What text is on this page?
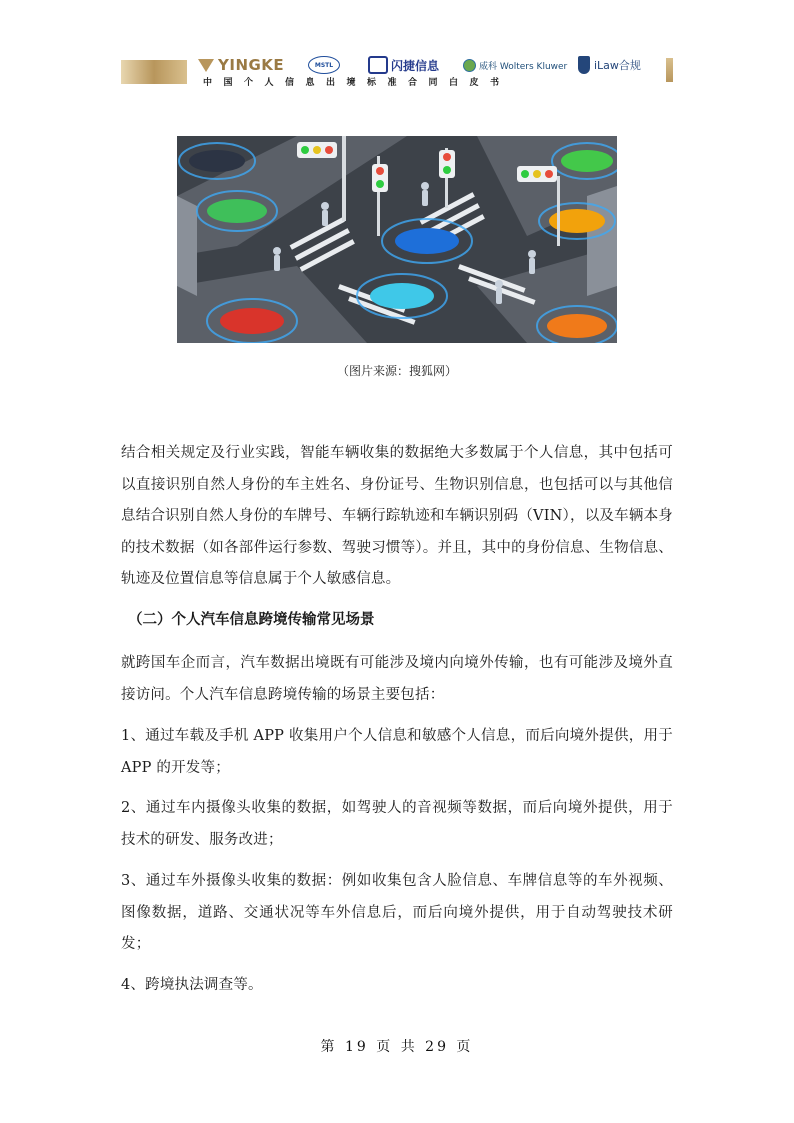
YINGKE	MSTL	闪捷信息	威科 Wolters Kluwer iLaw合规
中国个人信息出境标准合同白皮书
（图片来源：搜狐网）

结合相关规定及行业实践，智能车辆收集的数据绝大多数属于个人信息，其中包括可以直接识别自然人身份的车主姓名、身份证号、生物识别信息，也包括可以与其他信息结合识别自然人身份的车牌号、车辆行踪轨迹和车辆识别码（VIN），以及车辆本身的技术数据（如各部件运行参数、驾驶习惯等）。并且，其中的身份信息、生物信息、轨迹及位置信息等信息属于个人敏感信息。

（二）个人汽车信息跨境传输常见场景

就跨国车企而言，汽车数据出境既有可能涉及境内向境外传输，也有可能涉及境外直接访问。个人汽车信息跨境传输的场景主要包括：

1、通过车载及手机 APP 收集用户个人信息和敏感个人信息，而后向境外提供，用于 APP 的开发等；

2、通过车内摄像头收集的数据，如驾驶人的音视频等数据，而后向境外提供，用于技术的研发、服务改进；

3、通过车外摄像头收集的数据：例如收集包含人脸信息、车牌信息等的车外视频、图像数据，道路、交通状况等车外信息后，而后向境外提供，用于自动驾驶技术研发；

4、跨境执法调查等。

第 19 页 共 29 页
